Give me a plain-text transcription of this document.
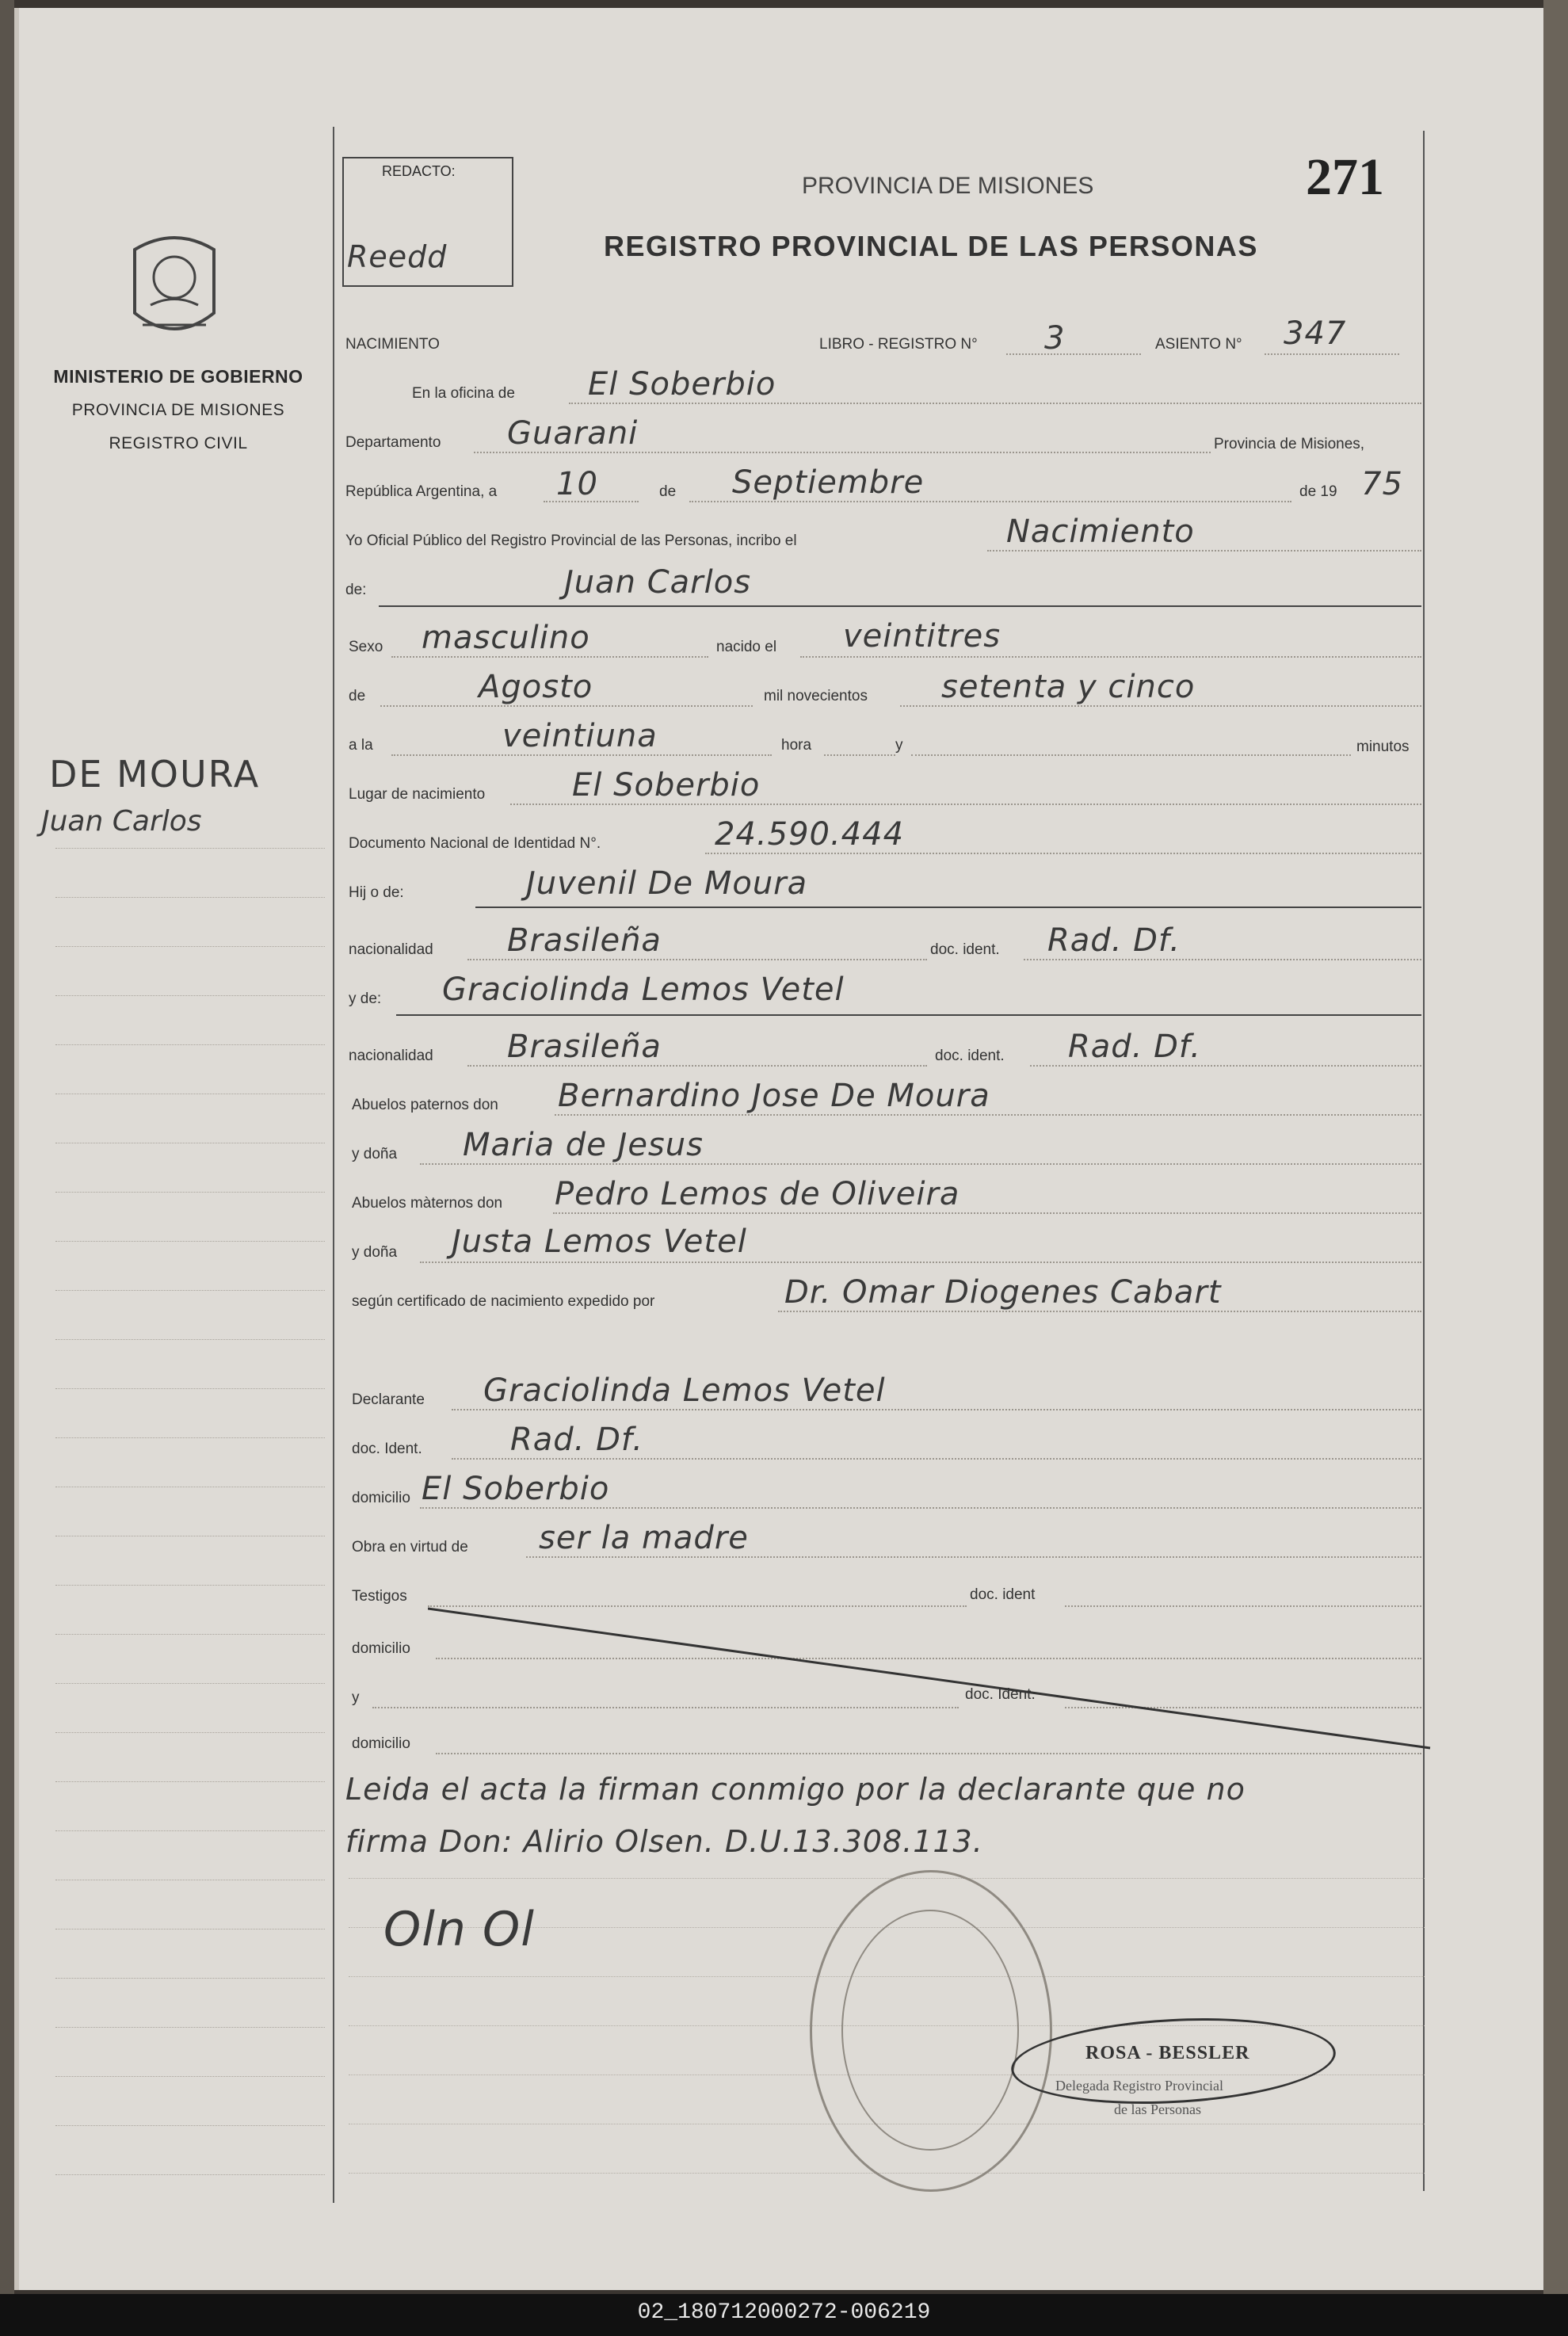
MINISTERIO DE GOBIERNO
PROVINCIA DE MISIONES
REGISTRO CIVIL
DE MOURA
Juan Carlos
REDACTO:
Reedd
PROVINCIA DE MISIONES
REGISTRO PROVINCIAL DE LAS PERSONAS
271
NACIMIENTO	LIBRO - REGISTRO N° 3	ASIENTO N° 347
En la oficina de El Soberbio
Departamento Guarani	Provincia de Misiones,
República Argentina, a 10	de Septiembre	de 19 75
Yo Oficial Público del Registro Provincial de las Personas, incribo el	Nacimiento
de:	Juan Carlos
Sexo masculino	nacido el veintitres
de	Agosto	mil novecientos setenta y cinco
a la	veintiuna	hora	y	minutos
Lugar de nacimiento	El Soberbio
Documento Nacional de Identidad N°.	24.590.444
Hij o de:	Juvenil De Moura
nacionalidad Brasileña	doc. ident. Rad. Df.
y de: Graciolinda Lemos Vetel
nacionalidad Brasileña	doc. ident. Rad. Df.
Abuelos paternos don Bernardino Jose De Moura
y doña Maria de Jesus
Abuelos màternos don Pedro Lemos de Oliveira
y doña Justa Lemos Vetel
según certificado de nacimiento expedido por	Dr. Omar Diogenes Cabart
Declarante Graciolinda Lemos Vetel
doc. Ident.	Rad. Df.
domicilio El Soberbio
Obra en virtud de ser la madre
Testigos	doc. ident
domicilio
y	doc. Ident.
domicilio
Leida el acta la firman conmigo por la declarante que no
firma Don: Alirio Olsen. D.U.13.308.113.
Oln Ol
ROSA - BESSLER
Delegada Registro Provincial
de las Personas
02_180712000272-006219
